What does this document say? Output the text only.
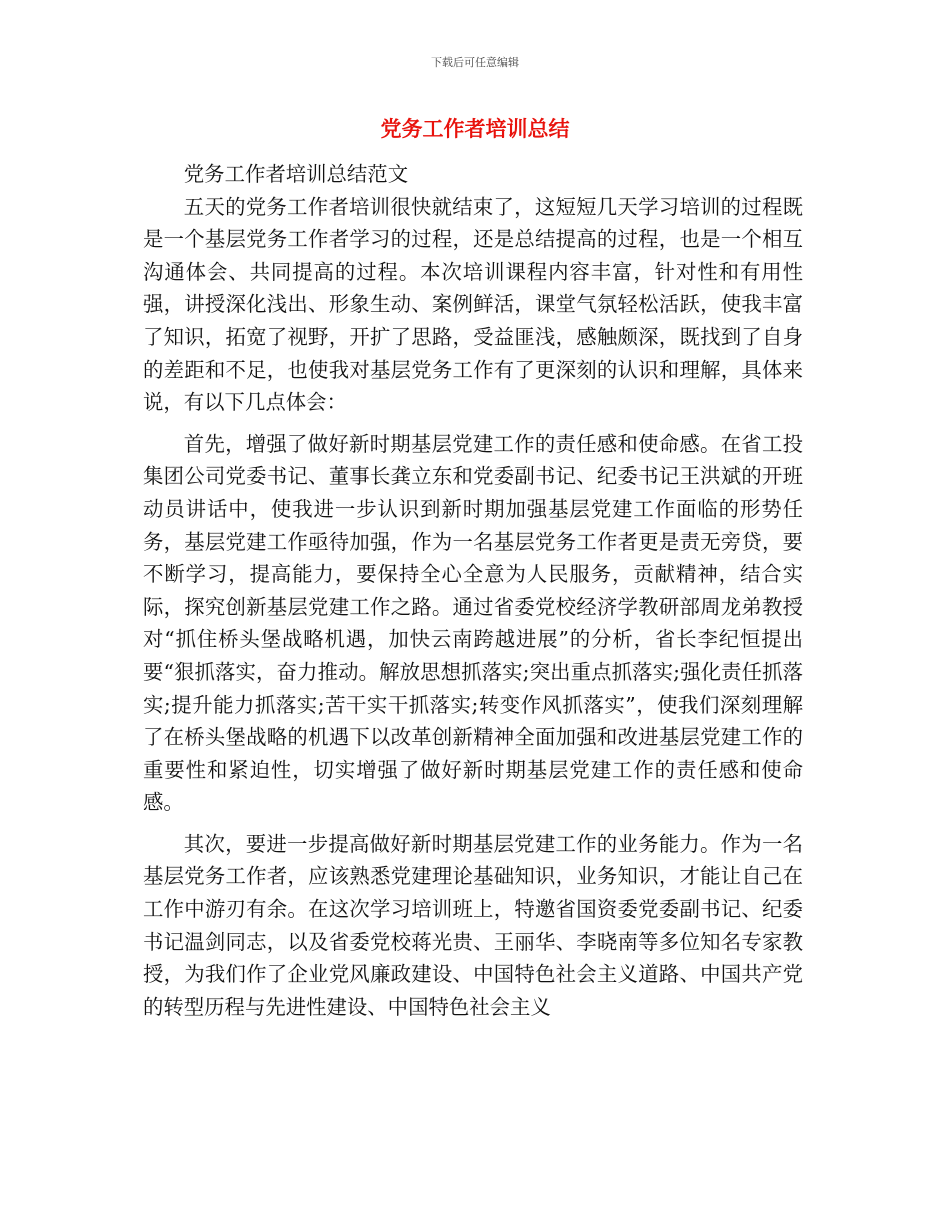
下载后可任意编辑
党务工作者培训总结

党务工作者培训总结范文

五天的党务工作者培训很快就结束了，这短短几天学习培训的过程既是一个基层党务工作者学习的过程，还是总结提高的过程，也是一个相互沟通体会、共同提高的过程。本次培训课程内容丰富，针对性和有用性强，讲授深化浅出、形象生动、案例鲜活，课堂气氛轻松活跃，使我丰富了知识，拓宽了视野，开扩了思路，受益匪浅，感触颇深，既找到了自身的差距和不足，也使我对基层党务工作有了更深刻的认识和理解，具体来说，有以下几点体会：

首先，增强了做好新时期基层党建工作的责任感和使命感。在省工投集团公司党委书记、董事长龚立东和党委副书记、纪委书记王洪斌的开班动员讲话中，使我进一步认识到新时期加强基层党建工作面临的形势任务，基层党建工作亟待加强，作为一名基层党务工作者更是责无旁贷，要不断学习，提高能力，要保持全心全意为人民服务，贡献精神，结合实际，探究创新基层党建工作之路。通过省委党校经济学教研部周龙弟教授对“抓住桥头堡战略机遇，加快云南跨越进展”的分析，省长李纪恒提出要“狠抓落实，奋力推动。解放思想抓落实;突出重点抓落实;强化责任抓落实;提升能力抓落实;苦干实干抓落实;转变作风抓落实”，使我们深刻理解了在桥头堡战略的机遇下以改革创新精神全面加强和改进基层党建工作的重要性和紧迫性，切实增强了做好新时期基层党建工作的责任感和使命感。

其次，要进一步提高做好新时期基层党建工作的业务能力。作为一名基层党务工作者，应该熟悉党建理论基础知识，业务知识，才能让自己在工作中游刃有余。在这次学习培训班上，特邀省国资委党委副书记、纪委书记温剑同志，以及省委党校蒋光贵、王丽华、李晓南等多位知名专家教授，为我们作了企业党风廉政建设、中国特色社会主义道路、中国共产党的转型历程与先进性建设、中国特色社会主义
